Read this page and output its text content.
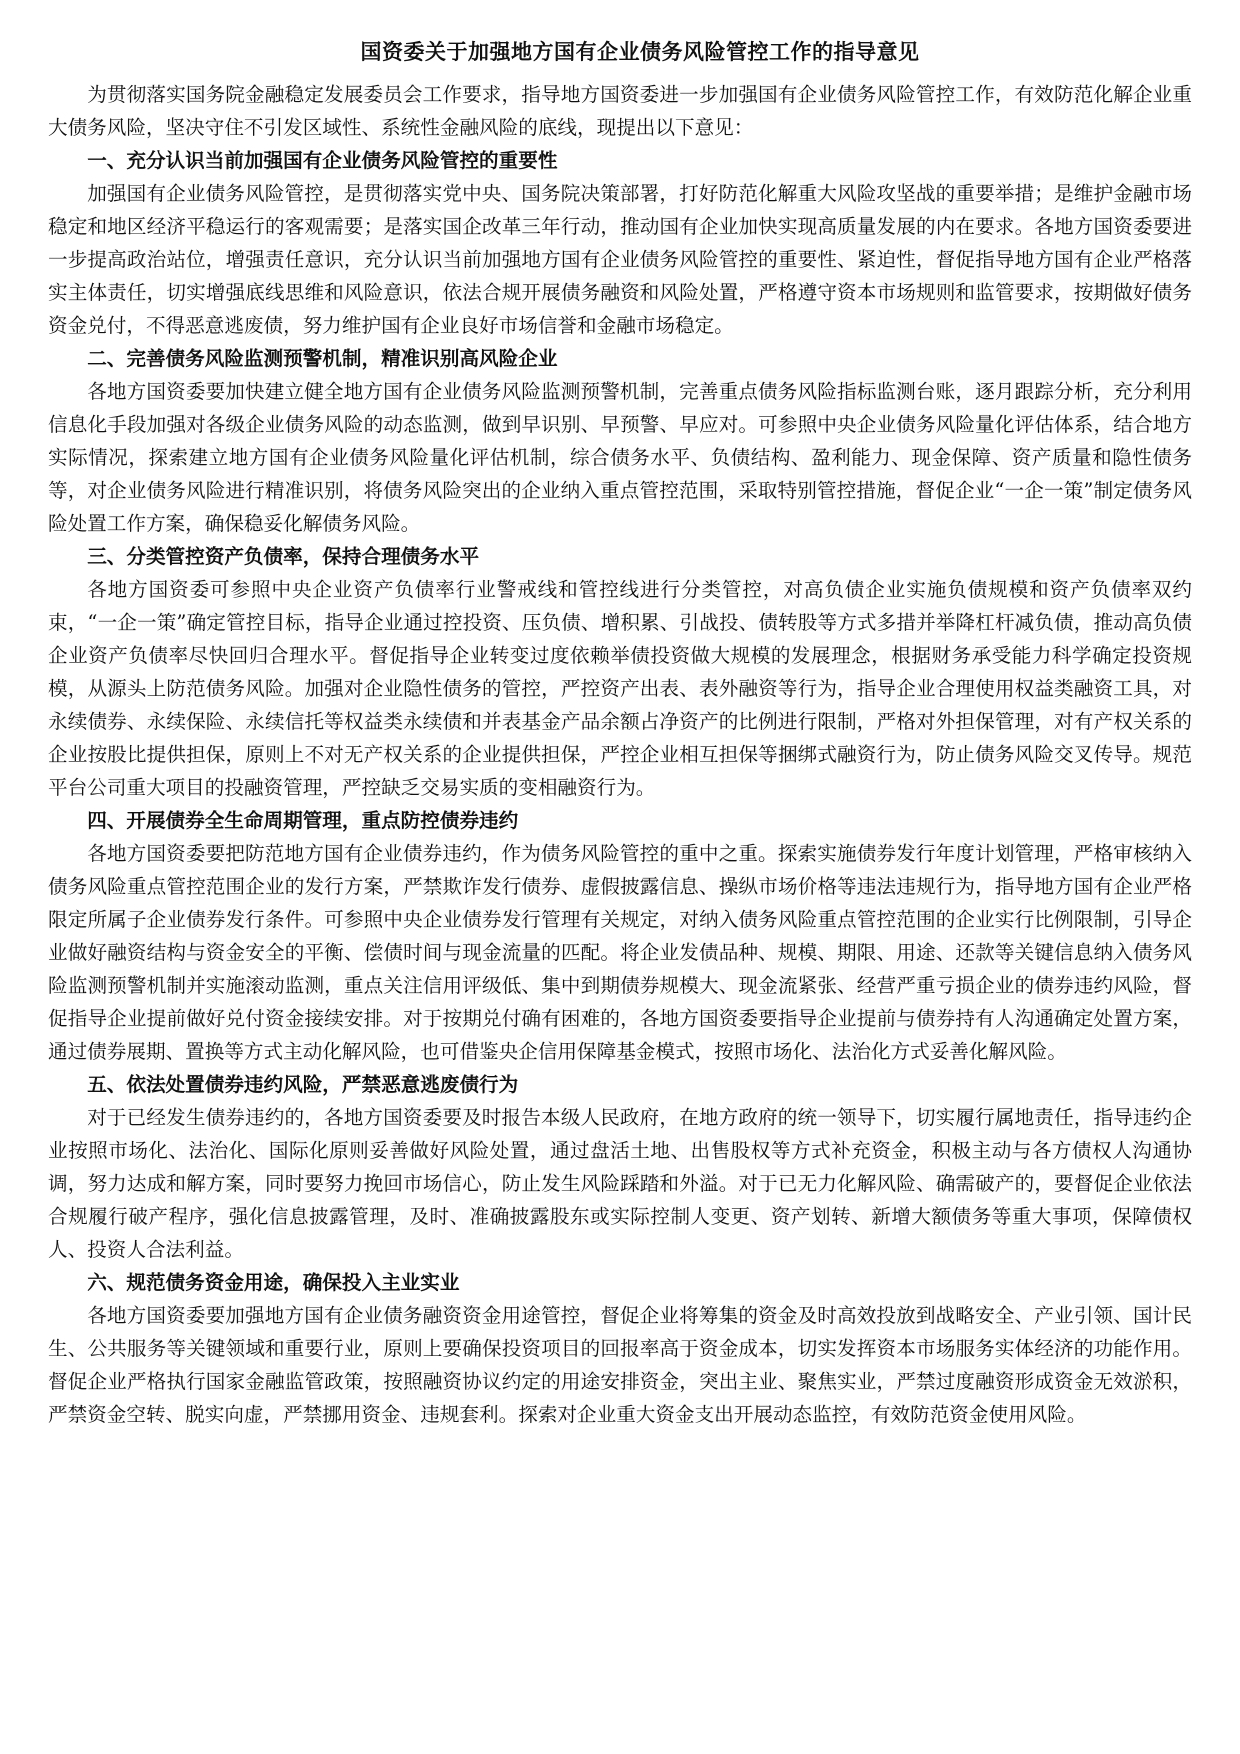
国资委关于加强地方国有企业债务风险管控工作的指导意见

为贯彻落实国务院金融稳定发展委员会工作要求，指导地方国资委进一步加强国有企业债务风险管控工作，有效防范化解企业重大债务风险，坚决守住不引发区域性、系统性金融风险的底线，现提出以下意见：

一、充分认识当前加强国有企业债务风险管控的重要性

加强国有企业债务风险管控，是贯彻落实党中央、国务院决策部署，打好防范化解重大风险攻坚战的重要举措；是维护金融市场稳定和地区经济平稳运行的客观需要；是落实国企改革三年行动，推动国有企业加快实现高质量发展的内在要求。各地方国资委要进一步提高政治站位，增强责任意识，充分认识当前加强地方国有企业债务风险管控的重要性、紧迫性，督促指导地方国有企业严格落实主体责任，切实增强底线思维和风险意识，依法合规开展债务融资和风险处置，严格遵守资本市场规则和监管要求，按期做好债务资金兑付，不得恶意逃废债，努力维护国有企业良好市场信誉和金融市场稳定。

二、完善债务风险监测预警机制，精准识别高风险企业

各地方国资委要加快建立健全地方国有企业债务风险监测预警机制，完善重点债务风险指标监测台账，逐月跟踪分析，充分利用信息化手段加强对各级企业债务风险的动态监测，做到早识别、早预警、早应对。可参照中央企业债务风险量化评估体系，结合地方实际情况，探索建立地方国有企业债务风险量化评估机制，综合债务水平、负债结构、盈利能力、现金保障、资产质量和隐性债务等，对企业债务风险进行精准识别，将债务风险突出的企业纳入重点管控范围，采取特别管控措施，督促企业“一企一策”制定债务风险处置工作方案，确保稳妥化解债务风险。

三、分类管控资产负债率，保持合理债务水平

各地方国资委可参照中央企业资产负债率行业警戒线和管控线进行分类管控，对高负债企业实施负债规模和资产负债率双约束，“一企一策”确定管控目标，指导企业通过控投资、压负债、增积累、引战投、债转股等方式多措并举降杠杆减负债，推动高负债企业资产负债率尽快回归合理水平。督促指导企业转变过度依赖举债投资做大规模的发展理念，根据财务承受能力科学确定投资规模，从源头上防范债务风险。加强对企业隐性债务的管控，严控资产出表、表外融资等行为，指导企业合理使用权益类融资工具，对永续债券、永续保险、永续信托等权益类永续债和并表基金产品余额占净资产的比例进行限制，严格对外担保管理，对有产权关系的企业按股比提供担保，原则上不对无产权关系的企业提供担保，严控企业相互担保等捆绑式融资行为，防止债务风险交叉传导。规范平台公司重大项目的投融资管理，严控缺乏交易实质的变相融资行为。

四、开展债券全生命周期管理，重点防控债券违约

各地方国资委要把防范地方国有企业债券违约，作为债务风险管控的重中之重。探索实施债券发行年度计划管理，严格审核纳入债务风险重点管控范围企业的发行方案，严禁欺诈发行债券、虚假披露信息、操纵市场价格等违法违规行为，指导地方国有企业严格限定所属子企业债券发行条件。可参照中央企业债券发行管理有关规定，对纳入债务风险重点管控范围的企业实行比例限制，引导企业做好融资结构与资金安全的平衡、偿债时间与现金流量的匹配。将企业发债品种、规模、期限、用途、还款等关键信息纳入债务风险监测预警机制并实施滚动监测，重点关注信用评级低、集中到期债券规模大、现金流紧张、经营严重亏损企业的债券违约风险，督促指导企业提前做好兑付资金接续安排。对于按期兑付确有困难的，各地方国资委要指导企业提前与债券持有人沟通确定处置方案，通过债券展期、置换等方式主动化解风险，也可借鉴央企信用保障基金模式，按照市场化、法治化方式妥善化解风险。

五、依法处置债券违约风险，严禁恶意逃废债行为

对于已经发生债券违约的，各地方国资委要及时报告本级人民政府，在地方政府的统一领导下，切实履行属地责任，指导违约企业按照市场化、法治化、国际化原则妥善做好风险处置，通过盘活土地、出售股权等方式补充资金，积极主动与各方债权人沟通协调，努力达成和解方案，同时要努力挽回市场信心，防止发生风险踩踏和外溢。对于已无力化解风险、确需破产的，要督促企业依法合规履行破产程序，强化信息披露管理，及时、准确披露股东或实际控制人变更、资产划转、新增大额债务等重大事项，保障债权人、投资人合法利益。

六、规范债务资金用途，确保投入主业实业

各地方国资委要加强地方国有企业债务融资资金用途管控，督促企业将筹集的资金及时高效投放到战略安全、产业引领、国计民生、公共服务等关键领域和重要行业，原则上要确保投资项目的回报率高于资金成本，切实发挥资本市场服务实体经济的功能作用。督促企业严格执行国家金融监管政策，按照融资协议约定的用途安排资金，突出主业、聚焦实业，严禁过度融资形成资金无效淤积，严禁资金空转、脱实向虚，严禁挪用资金、违规套利。探索对企业重大资金支出开展动态监控，有效防范资金使用风险。
